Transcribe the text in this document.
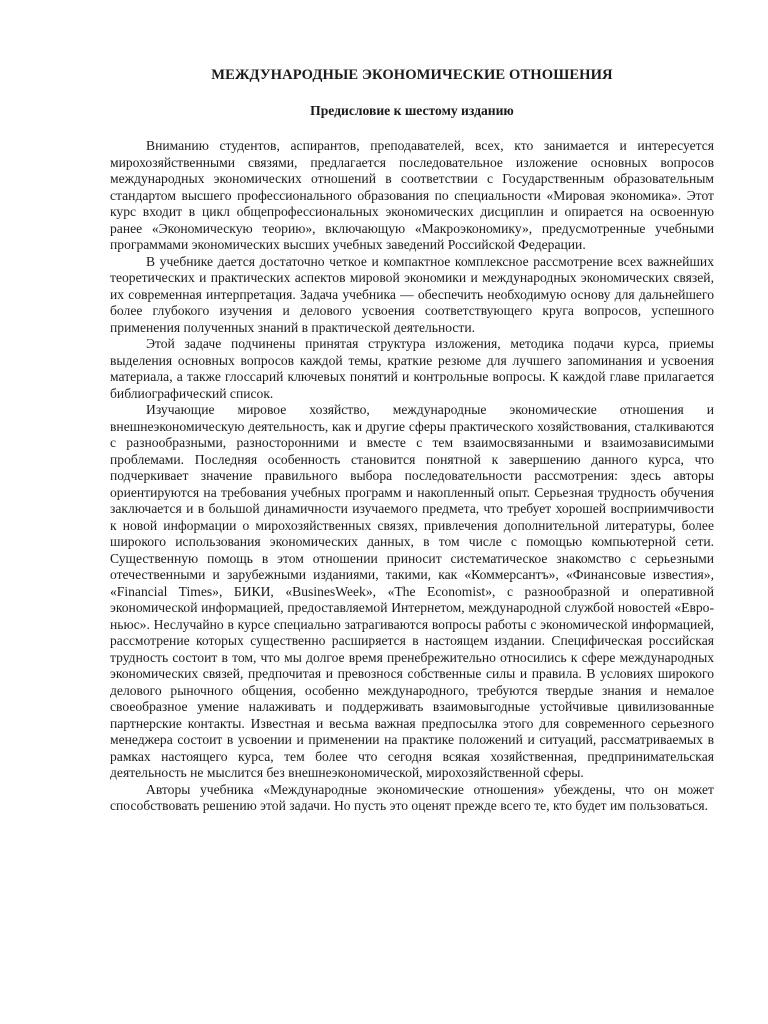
МЕЖДУНАРОДНЫЕ ЭКОНОМИЧЕСКИЕ ОТНОШЕНИЯ
Предисловие к шестому изданию

Вниманию студентов, аспирантов, преподавателей, всех, кто занимается и интересуется мирохозяйственными связями, предлагается последовательное изложение основных вопросов международных экономических отношений в соответствии с Государственным образовательным стандартом высшего профессионального образования по специальности «Мировая экономика». Этот курс входит в цикл общепрофессиональных экономических дисциплин и опирается на освоенную ранее «Экономическую теорию», включающую «Макроэкономику», предусмотренные учебными программами экономических высших учебных заведений Российской Федерации.

В учебнике дается достаточно четкое и компактное комплексное рассмотрение всех важнейших теоретических и практических аспектов мировой экономики и международных экономических связей, их современная интерпретация. Задача учебника — обеспечить необходимую основу для дальнейшего более глубокого изучения и делового усвоения соответствующего круга вопросов, успешного применения полученных знаний в практической деятельности.

Этой задаче подчинены принятая структура изложения, методика подачи курса, приемы выделения основных вопросов каждой темы, краткие резюме для лучшего запоминания и усвоения материала, а также глоссарий ключевых понятий и контрольные вопросы. К каждой главе прилагается библиографический список.

Изучающие мировое хозяйство, международные экономические отношения и внешнеэкономическую деятельность, как и другие сферы практического хозяйствования, сталкиваются с разнообразными, разносторонними и вместе с тем взаимосвязанными и взаимозависимыми проблемами. Последняя особенность становится понятной к завершению данного курса, что подчеркивает значение правильного выбора последовательности рассмотрения: здесь авторы ориентируются на требования учебных программ и накопленный опыт. Серьезная трудность обучения заключается и в большой динамичности изучаемого предмета, что требует хорошей восприимчивости к новой информации о мирохозяйственных связях, привлечения дополнительной литературы, более широкого использования экономических данных, в том числе с помощью компьютерной сети. Существенную помощь в этом отношении приносит систематическое знакомство с серьезными отечественными и зарубежными изданиями, такими, как «Коммерсантъ», «Финансовые известия», «Financial Times», БИКИ, «BusinesWeek», «The Economist», с разнообразной и оперативной экономической информацией, предоставляемой Интернетом, международной службой новостей «Евро-ньюс». Неслучайно в курсе специально затрагиваются вопросы работы с экономической информацией, рассмотрение которых существенно расширяется в настоящем издании. Специфическая российская трудность состоит в том, что мы долгое время пренебрежительно относились к сфере международных экономических связей, предпочитая и превознося собственные силы и правила. В условиях широкого делового рыночного общения, особенно международного, требуются твердые знания и немалое своеобразное умение налаживать и поддерживать взаимовыгодные устойчивые цивилизованные партнерские контакты. Известная и весьма важная предпосылка этого для современного серьезного менеджера состоит в усвоении и применении на практике положений и ситуаций, рассматриваемых в рамках настоящего курса, тем более что сегодня всякая хозяйственная, предпринимательская деятельность не мыслится без внешнеэкономической, мирохозяйственной сферы.

Авторы учебника «Международные экономические отношения» убеждены, что он может способствовать решению этой задачи. Но пусть это оценят прежде всего те, кто будет им пользоваться.
